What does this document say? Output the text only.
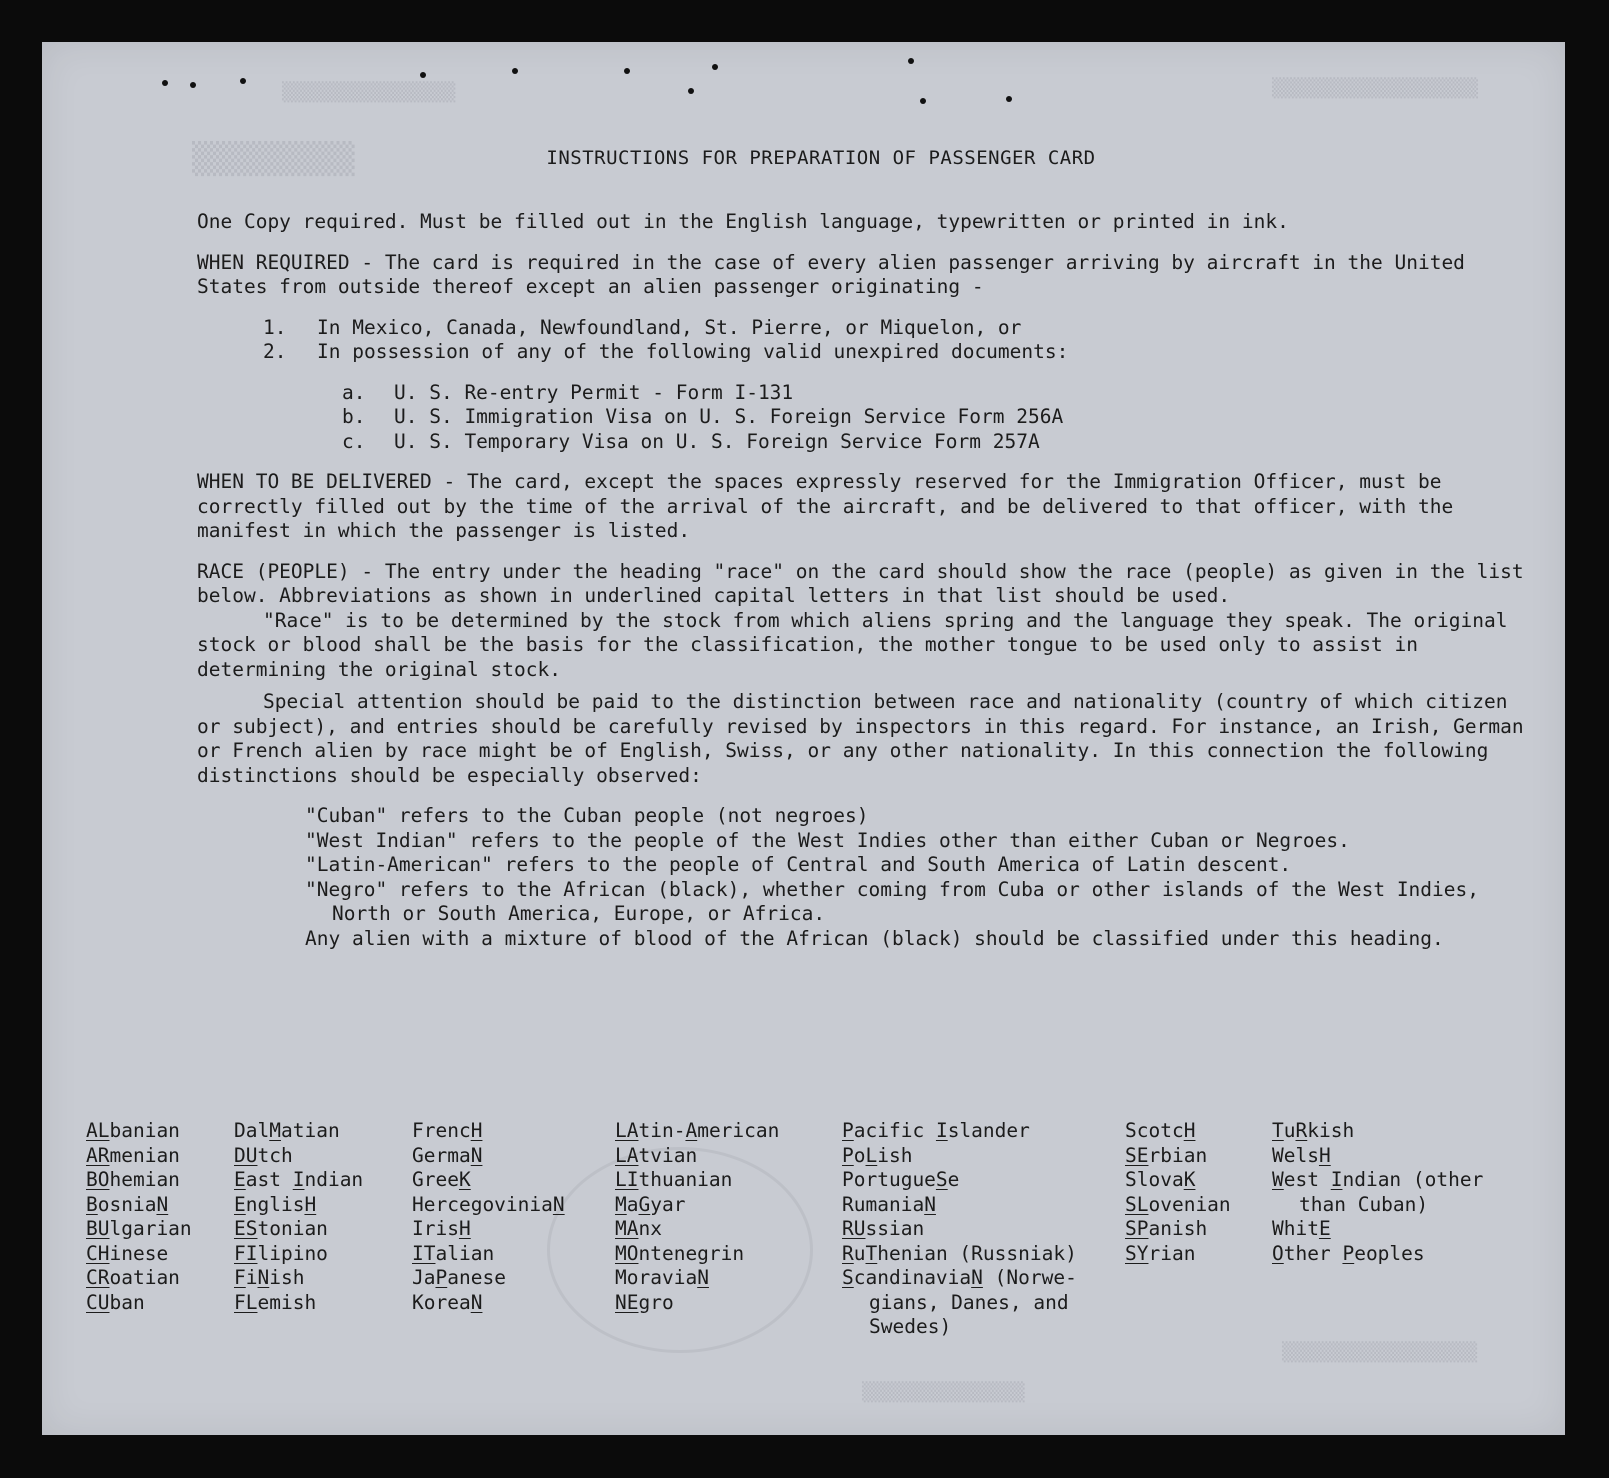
▒▒▒▒▒▒▒▒▒
▒▒▒▒▒▒▒▒▒▒▒▒▒▒▒▒	▒▒▒▒▒▒▒▒▒▒▒▒▒▒▒▒▒▒▒
▒▒▒▒▒▒▒▒▒▒▒▒▒▒▒▒▒▒
▒▒▒▒▒▒▒▒▒▒▒▒▒▒▒
INSTRUCTIONS FOR PREPARATION OF PASSENGER CARD

One Copy required. Must be filled out in the English language, typewritten or printed in ink.

WHEN REQUIRED - The card is required in the case of every alien passenger arriving by aircraft in the United States from outside thereof except an alien passenger originating -

1. In Mexico, Canada, Newfoundland, St. Pierre, or Miquelon, or
2. In possession of any of the following valid unexpired documents:
a. U. S. Re-entry Permit - Form I-131
b. U. S. Immigration Visa on U. S. Foreign Service Form 256A
c. U. S. Temporary Visa on U. S. Foreign Service Form 257A

WHEN TO BE DELIVERED - The card, except the spaces expressly reserved for the Immigration Officer, must be correctly filled out by the time of the arrival of the aircraft, and be delivered to that officer, with the manifest in which the passenger is listed.

RACE (PEOPLE) - The entry under the heading "race" on the card should show the race (people) as given in the list below. Abbreviations as shown in underlined capital letters in that list should be used.

"Race" is to be determined by the stock from which aliens spring and the language they speak. The original stock or blood shall be the basis for the classification, the mother tongue to be used only to assist in determining the original stock.

Special attention should be paid to the distinction between race and nationality (country of which citizen or subject), and entries should be carefully revised by inspectors in this regard. For instance, an Irish, German or French alien by race might be of English, Swiss, or any other nationality. In this connection the following distinctions should be especially observed:

"Cuban" refers to the Cuban people (not negroes)
"West Indian" refers to the people of the West Indies other than either Cuban or Negroes.
"Latin-American" refers to the people of Central and South America of Latin descent.
"Negro" refers to the African (black), whether coming from Cuba or other islands of the West Indies, North or South America, Europe, or Africa.
Any alien with a mixture of blood of the African (black) should be classified under this heading.
ALbanian
ARmenian
BOhemian
BosniaN
BUlgarian
CHinese
CRoatian
CUban
DalMatian
DUtch
East Indian
EnglisH
EStonian
FIlipino
FiNish
FLemish
FrencH
GermaN
GreeK
HercegoviniaN
IrisH
ITalian
JaPanese
KoreaN
LAtin-American
LAtvian
LIthuanian
MaGyar
MAnx
MOntenegrin
MoraviaN
NEgro
Pacific Islander
PoLish
PortugueSe
RumaniaN
RUssian
RuThenian (Russniak)
ScandinaviaN (Norwe-
gians, Danes, and
Swedes)
ScotcH
SErbian
SlovaK
SLovenian
SPanish
SYrian
TuRkish
WelsH
West Indian (other
than Cuban)
WhitE
Other Peoples
